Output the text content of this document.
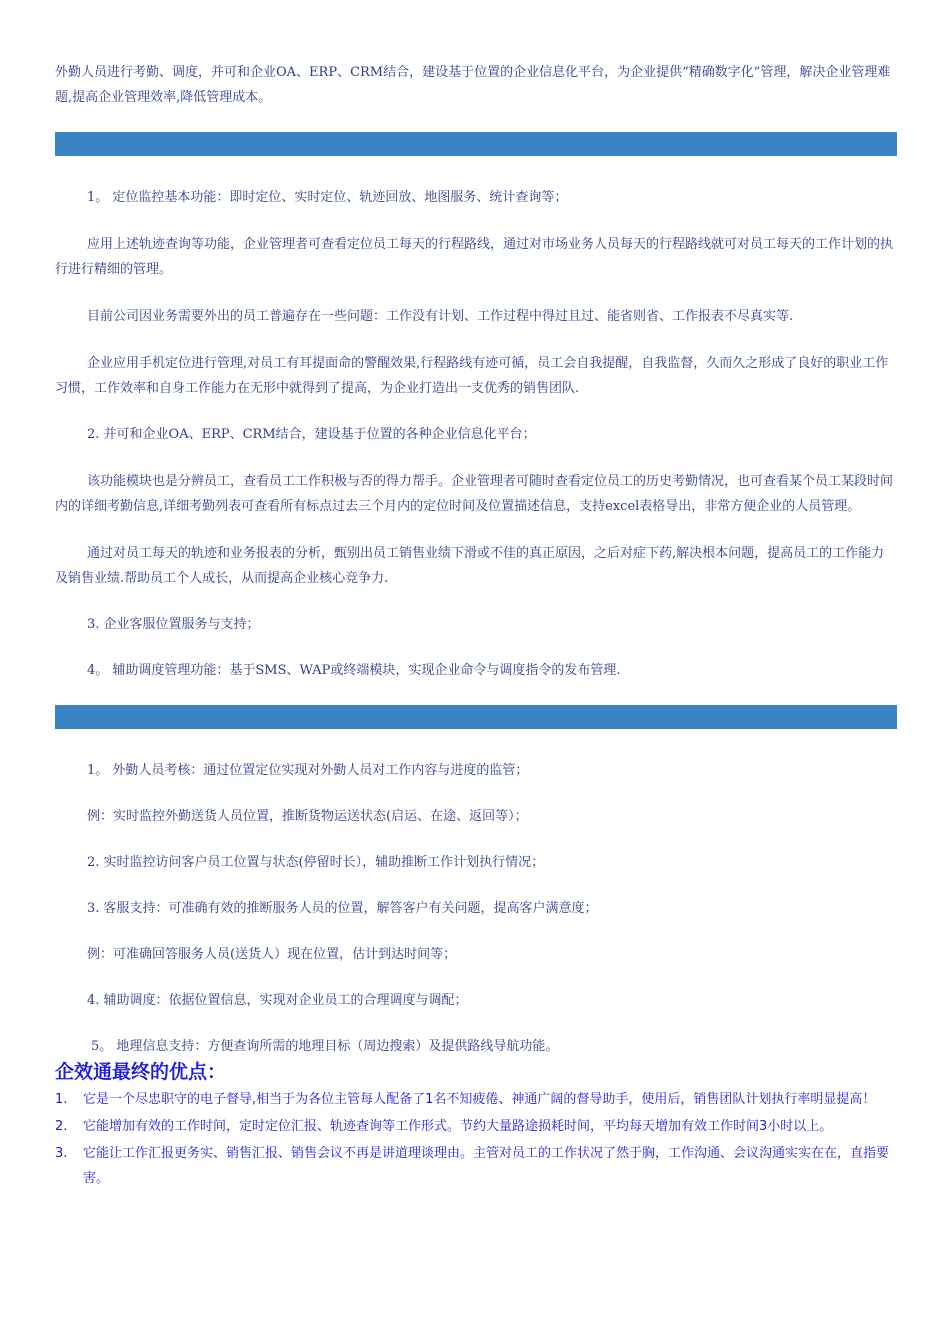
外勤人员进行考勤、调度，并可和企业OA、ERP、CRM结合，建设基于位置的企业信息化平台，为企业提供“精确数字化”管理，解决企业管理难题,提高企业管理效率,降低管理成本。

1。 定位监控基本功能：即时定位、实时定位、轨迹回放、地图服务、统计查询等；

应用上述轨迹查询等功能，企业管理者可查看定位员工每天的行程路线，通过对市场业务人员每天的行程路线就可对员工每天的工作计划的执行进行精细的管理。

目前公司因业务需要外出的员工普遍存在一些问题：工作没有计划、工作过程中得过且过、能省则省、工作报表不尽真实等.

企业应用手机定位进行管理,对员工有耳提面命的警醒效果,行程路线有迹可循，员工会自我提醒，自我监督，久而久之形成了良好的职业工作习惯，工作效率和自身工作能力在无形中就得到了提高，为企业打造出一支优秀的销售团队.

2. 并可和企业OA、ERP、CRM结合，建设基于位置的各种企业信息化平台；

该功能模块也是分辨员工，查看员工工作积极与否的得力帮手。企业管理者可随时查看定位员工的历史考勤情况，也可查看某个员工某段时间内的详细考勤信息,详细考勤列表可查看所有标点过去三个月内的定位时间及位置描述信息，支持excel表格导出，非常方便企业的人员管理。

通过对员工每天的轨迹和业务报表的分析，甄别出员工销售业绩下滑或不佳的真正原因，之后对症下药,解决根本问题，提高员工的工作能力及销售业绩.帮助员工个人成长，从而提高企业核心竞争力.

3. 企业客服位置服务与支持；

4。 辅助调度管理功能：基于SMS、WAP或终端模块，实现企业命令与调度指令的发布管理.

1。 外勤人员考核：通过位置定位实现对外勤人员对工作内容与进度的监管；

例：实时监控外勤送货人员位置，推断货物运送状态(启运、在途、返回等）；

2. 实时监控访问客户员工位置与状态(停留时长），辅助推断工作计划执行情况；

3. 客服支持：可准确有效的推断服务人员的位置，解答客户有关问题，提高客户满意度；

例：可准确回答服务人员(送货人）现在位置，估计到达时间等；

4. 辅助调度：依据位置信息，实现对企业员工的合理调度与调配；

5。 地理信息支持：方便查询所需的地理目标（周边搜索）及提供路线导航功能。

企效通最终的优点：
1.	它是一个尽忠职守的电子督导,相当于为各位主管每人配备了1名不知疲倦、神通广阔的督导助手，使用后，销售团队计划执行率明显提高！
2.	它能增加有效的工作时间，定时定位汇报、轨迹查询等工作形式。节约大量路途损耗时间，平均每天增加有效工作时间3小时以上。
3.	它能让工作汇报更务实、销售汇报、销售会议不再是讲道理谈理由。主管对员工的工作状况了然于胸，工作沟通、会议沟通实实在在，直指要害。
